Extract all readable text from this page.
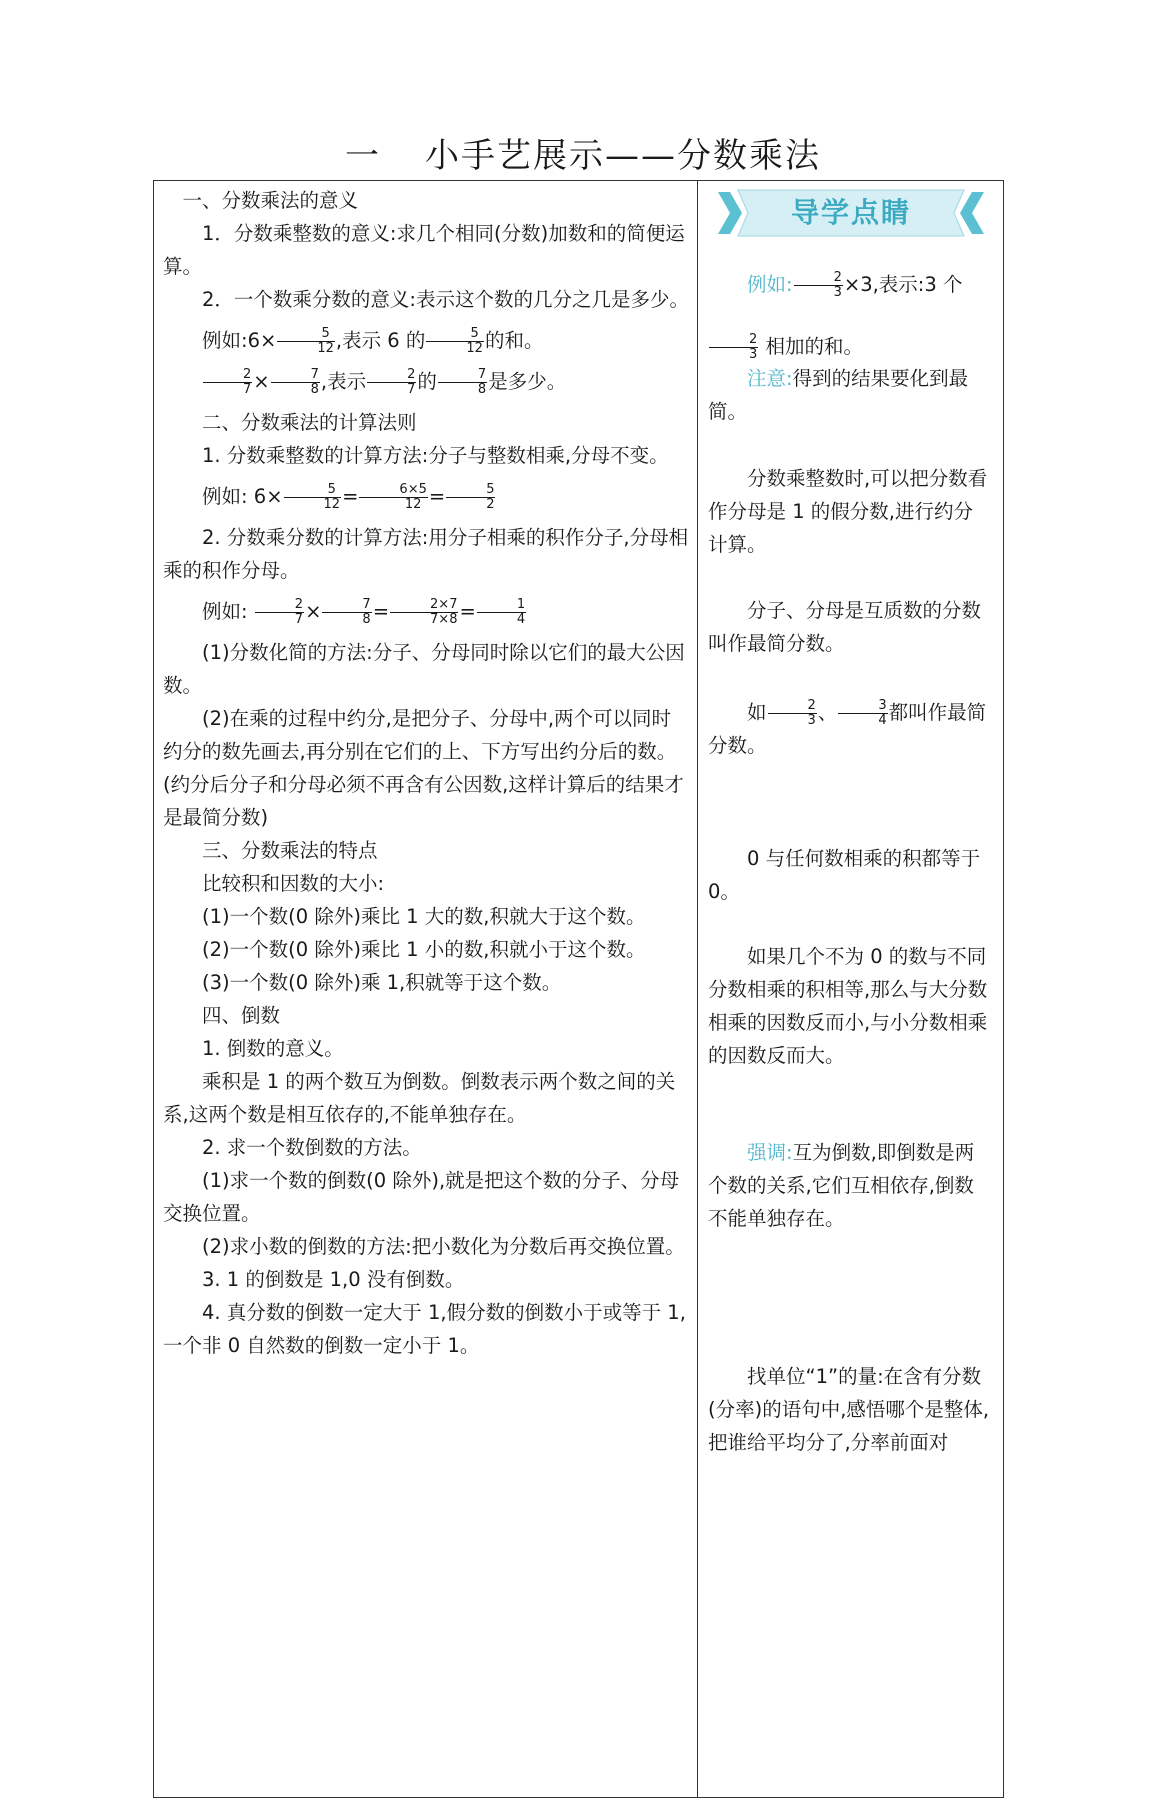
一 小手艺展示——分数乘法

一、分数乘法的意义

1．分数乘整数的意义:求几个相同(分数)加数和的简便运算。

2．一个数乘分数的意义:表示这个数的几分之几是多少。

例如:6× $\frac{5}{12}$ ,表示 6 的 $\frac{5}{12}$ 的和。

$\frac{2}{7} \times \frac{7}{8}$ ,表示 $\frac{2}{7}$ 的 $\frac{7}{8}$ 是多少。

二、分数乘法的计算法则

1. 分数乘整数的计算方法:分子与整数相乘,分母不变。

例如: $6\times \frac{5}{12} = \frac{6\times 5}{12} = \frac{5}{2}$

2. 分数乘分数的计算方法:用分子相乘的积作分子,分母相乘的积作分母。

例如: $\frac{2}{7} \times \frac{7}{8} = \frac{2\times 7}{7\times 8} = \frac{1}{4}$

(1)分数化简的方法:分子、分母同时除以它们的最大公因数。

(2)在乘的过程中约分,是把分子、分母中,两个可以同时约分的数先画去,再分别在它们的上、下方写出约分后的数。(约分后分子和分母必须不再含有公因数,这样计算后的结果才是最简分数)

三、分数乘法的特点

比较积和因数的大小:

(1)一个数(0 除外)乘比 1 大的数,积就大于这个数。

(2)一个数(0 除外)乘比 1 小的数,积就小于这个数。

(3)一个数(0 除外)乘 1,积就等于这个数。

四、倒数

1. 倒数的意义。

乘积是 1 的两个数互为倒数。倒数表示两个数之间的关系,这两个数是相互依存的,不能单独存在。

2. 求一个数倒数的方法。

(1)求一个数的倒数(0 除外),就是把这个数的分子、分母交换位置。

(2)求小数的倒数的方法:把小数化为分数后再交换位置。

3. 1 的倒数是 1,0 没有倒数。

4. 真分数的倒数一定大于 1,假分数的倒数小于或等于 1,一个非 0 自然数的倒数一定小于 1。

导学点睛

例如: $\frac{2}{3} \times 3$,表示:3 个
$\frac{2}{3}$ 相加的和。

注意:得到的结果要化到最简。

分数乘整数时,可以把分数看作分母是 1 的假分数,进行约分计算。

分子、分母是互质数的分数叫作最简分数。

如 $\frac{2}{3}$ 、 $\frac{3}{4}$ 都叫作最简分数。

0 与任何数相乘的积都等于 0。

如果几个不为 0 的数与不同分数相乘的积相等,那么与大分数相乘的因数反而小,与小分数相乘的因数反而大。

强调:互为倒数,即倒数是两个数的关系,它们互相依存,倒数不能单独存在。

找单位“1”的量:在含有分数(分率)的语句中,感悟哪个是整体,把谁给平均分了,分率前面对
